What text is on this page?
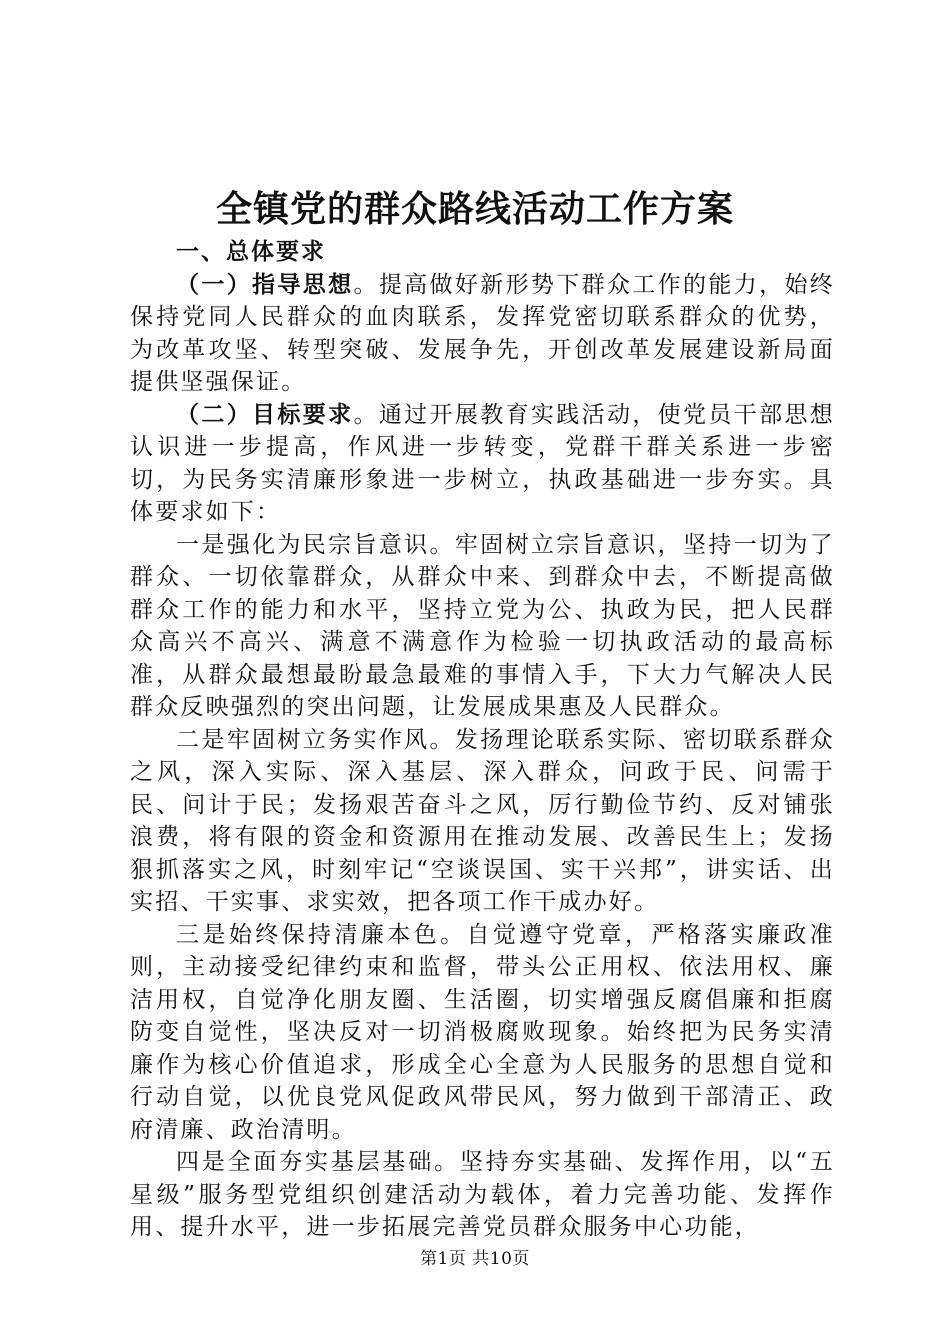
全镇党的群众路线活动工作方案

一、总体要求

（一）指导思想。提高做好新形势下群众工作的能力，始终保持党同人民群众的血肉联系，发挥党密切联系群众的优势，为改革攻坚、转型突破、发展争先，开创改革发展建设新局面提供坚强保证。

（二）目标要求。通过开展教育实践活动，使党员干部思想认识进一步提高，作风进一步转变，党群干群关系进一步密切，为民务实清廉形象进一步树立，执政基础进一步夯实。具体要求如下：

一是强化为民宗旨意识。牢固树立宗旨意识，坚持一切为了群众、一切依靠群众，从群众中来、到群众中去，不断提高做群众工作的能力和水平，坚持立党为公、执政为民，把人民群众高兴不高兴、满意不满意作为检验一切执政活动的最高标准，从群众最想最盼最急最难的事情入手，下大力气解决人民群众反映强烈的突出问题，让发展成果惠及人民群众。

二是牢固树立务实作风。发扬理论联系实际、密切联系群众之风，深入实际、深入基层、深入群众，问政于民、问需于民、问计于民；发扬艰苦奋斗之风，厉行勤俭节约、反对铺张浪费，将有限的资金和资源用在推动发展、改善民生上；发扬狠抓落实之风，时刻牢记“空谈误国、实干兴邦”，讲实话、出实招、干实事、求实效，把各项工作干成办好。

三是始终保持清廉本色。自觉遵守党章，严格落实廉政准则，主动接受纪律约束和监督，带头公正用权、依法用权、廉洁用权，自觉净化朋友圈、生活圈，切实增强反腐倡廉和拒腐防变自觉性，坚决反对一切消极腐败现象。始终把为民务实清廉作为核心价值追求，形成全心全意为人民服务的思想自觉和行动自觉，以优良党风促政风带民风，努力做到干部清正、政府清廉、政治清明。

四是全面夯实基层基础。坚持夯实基础、发挥作用，以“五星级”服务型党组织创建活动为载体，着力完善功能、发挥作用、提升水平，进一步拓展完善党员群众服务中心功能，

第1页 共10页
